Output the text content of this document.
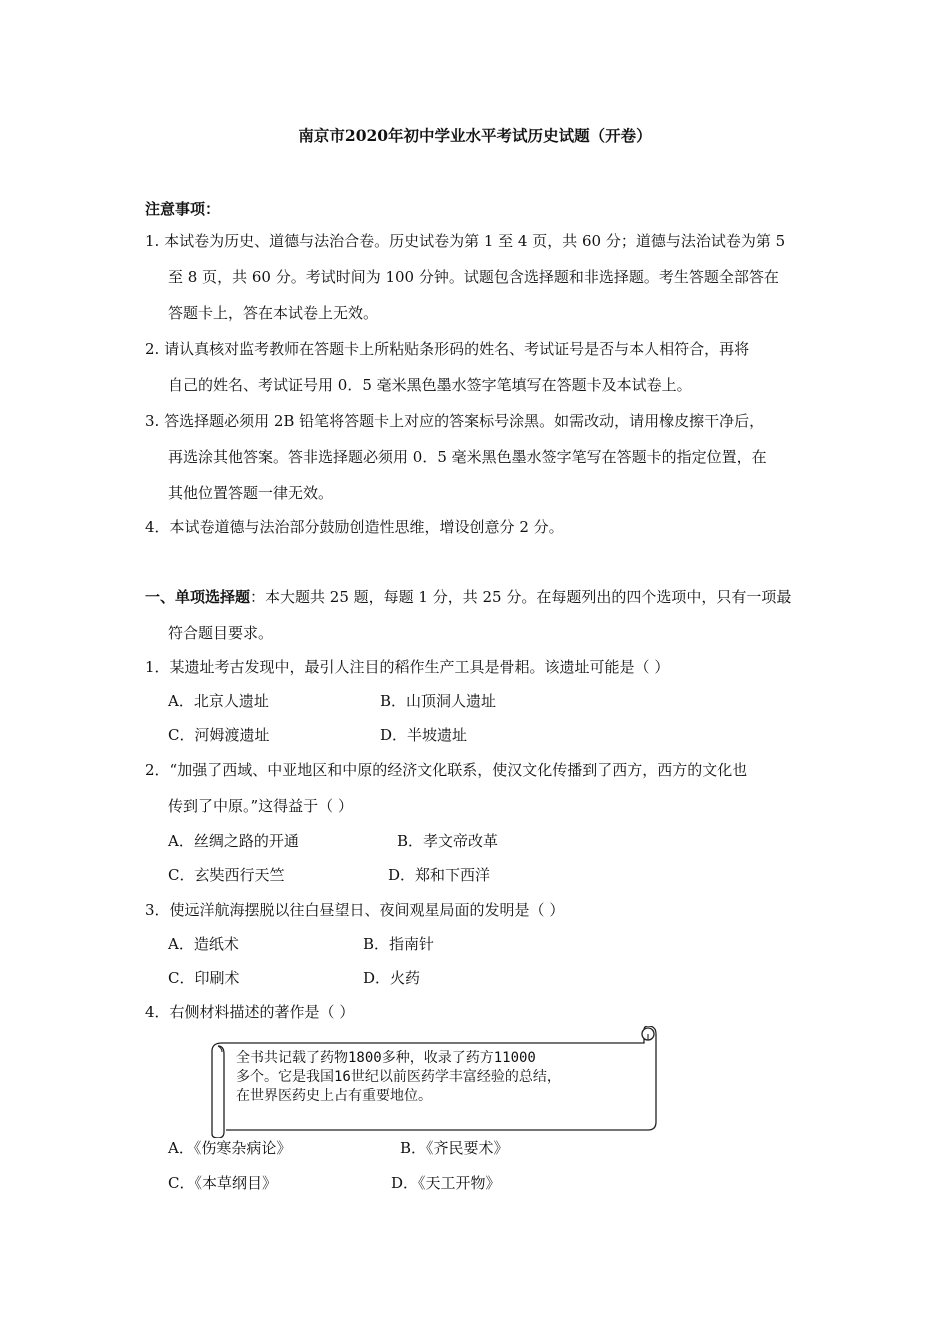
南京市2020年初中学业水平考试历史试题（开卷）
注意事项：
1. 本试卷为历史、道德与法治合卷。历史试卷为第 1 至 4 页，共 60 分；道德与法治试卷为第 5
至 8 页，共 60 分。考试时间为 100 分钟。试题包含选择题和非选择题。考生答题全部答在
答题卡上，答在本试卷上无效。
2. 请认真核对监考教师在答题卡上所粘贴条形码的姓名、考试证号是否与本人相符合，再将
自己的姓名、考试证号用 0．5 毫米黑色墨水签字笔填写在答题卡及本试卷上。
3. 答选择题必须用 2B 铅笔将答题卡上对应的答案标号涂黑。如需改动，请用橡皮擦干净后，
再选涂其他答案。答非选择题必须用 0．5 毫米黑色墨水签字笔写在答题卡的指定位置，在
其他位置答题一律无效。
4．本试卷道德与法治部分鼓励创造性思维，增设创意分 2 分。
一、单项选择题：本大题共 25 题，每题 1 分，共 25 分。在每题列出的四个选项中，只有一项最
符合题目要求。
1．某遗址考古发现中，最引人注目的稻作生产工具是骨耜。该遗址可能是（ ）
A．北京人遗址	B．山顶洞人遗址
C．河姆渡遗址	D．半坡遗址
2．“加强了西域、中亚地区和中原的经济文化联系，使汉文化传播到了西方，西方的文化也
传到了中原。”这得益于（ ）
A．丝绸之路的开通	B．孝文帝改革
C．玄奘西行天竺	D．郑和下西洋
3．使远洋航海摆脱以往白昼望日、夜间观星局面的发明是（ ）
A．造纸术	B．指南针
C．印刷术	D．火药
4．右侧材料描述的著作是（ ）
全书共记载了药物1800多种，收录了药方11000
多个。它是我国16世纪以前医药学丰富经验的总结，
在世界医药史上占有重要地位。
A．《伤寒杂病论》	B．《齐民要术》
C．《本草纲目》	D．《天工开物》
